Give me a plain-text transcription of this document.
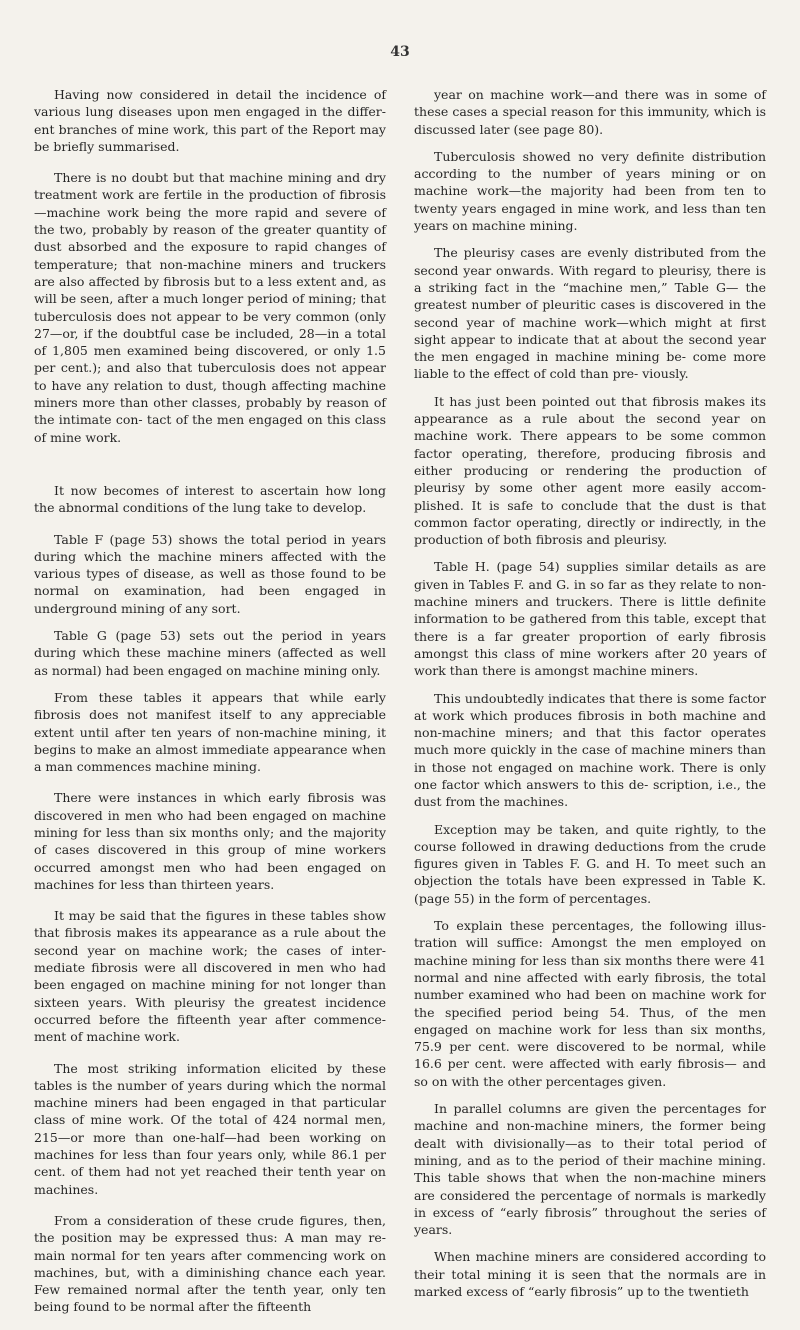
43

Having now considered in detail the incidence of various lung diseases upon men engaged in the differ- ent branches of mine work, this part of the Report may be briefly summarised.

There is no doubt but that machine mining and dry treatment work are fertile in the production of fibrosis—machine work being the more rapid and severe of the two, probably by reason of the greater quantity of dust absorbed and the exposure to rapid changes of temperature; that non-machine miners and truckers are also affected by fibrosis but to a less extent and, as will be seen, after a much longer period of mining; that tuberculosis does not appear to be very common (only 27—or, if the doubtful case be included, 28—in a total of 1,805 men examined being discovered, or only 1.5 per cent.); and also that tuberculosis does not appear to have any relation to dust, though affecting machine miners more than other classes, probably by reason of the intimate con- tact of the men engaged on this class of mine work.

It now becomes of interest to ascertain how long the abnormal conditions of the lung take to develop.

Table F (page 53) shows the total period in years during which the machine miners affected with the various types of disease, as well as those found to be normal on examination, had been engaged in underground mining of any sort.

Table G (page 53) sets out the period in years during which these machine miners (affected as well as normal) had been engaged on machine mining only.

From these tables it appears that while early fibrosis does not manifest itself to any appreciable extent until after ten years of non-machine mining, it begins to make an almost immediate appearance when a man commences machine mining.

There were instances in which early fibrosis was discovered in men who had been engaged on machine mining for less than six months only; and the majority of cases discovered in this group of mine workers occurred amongst men who had been engaged on machines for less than thirteen years.

It may be said that the figures in these tables show that fibrosis makes its appearance as a rule about the second year on machine work; the cases of inter- mediate fibrosis were all discovered in men who had been engaged on machine mining for not longer than sixteen years. With pleurisy the greatest incidence occurred before the fifteenth year after commence- ment of machine work.

The most striking information elicited by these tables is the number of years during which the normal machine miners had been engaged in that particular class of mine work. Of the total of 424 normal men, 215—or more than one-half—had been working on machines for less than four years only, while 86.1 per cent. of them had not yet reached their tenth year on machines.

From a consideration of these crude figures, then, the position may be expressed thus: A man may re- main normal for ten years after commencing work on machines, but, with a diminishing chance each year. Few remained normal after the tenth year, only ten being found to be normal after the fifteenth

year on machine work—and there was in some of these cases a special reason for this immunity, which is discussed later (see page 80).

Tuberculosis showed no very definite distribution according to the number of years mining or on machine work—the majority had been from ten to twenty years engaged in mine work, and less than ten years on machine mining.

The pleurisy cases are evenly distributed from the second year onwards. With regard to pleurisy, there is a striking fact in the “machine men,” Table G— the greatest number of pleuritic cases is discovered in the second year of machine work—which might at first sight appear to indicate that at about the second year the men engaged in machine mining be- come more liable to the effect of cold than pre- viously.

It has just been pointed out that fibrosis makes its appearance as a rule about the second year on machine work. There appears to be some common factor operating, therefore, producing fibrosis and either producing or rendering the production of pleurisy by some other agent more easily accom- plished. It is safe to conclude that the dust is that common factor operating, directly or indirectly, in the production of both fibrosis and pleurisy.

Table H. (page 54) supplies similar details as are given in Tables F. and G. in so far as they relate to non-machine miners and truckers. There is little definite information to be gathered from this table, except that there is a far greater proportion of early fibrosis amongst this class of mine workers after 20 years of work than there is amongst machine miners.

This undoubtedly indicates that there is some factor at work which produces fibrosis in both machine and non-machine miners; and that this factor operates much more quickly in the case of machine miners than in those not engaged on machine work. There is only one factor which answers to this de- scription, i.e., the dust from the machines.

Exception may be taken, and quite rightly, to the course followed in drawing deductions from the crude figures given in Tables F. G. and H. To meet such an objection the totals have been expressed in Table K. (page 55) in the form of percentages.

To explain these percentages, the following illus- tration will suffice: Amongst the men employed on machine mining for less than six months there were 41 normal and nine affected with early fibrosis, the total number examined who had been on machine work for the specified period being 54. Thus, of the men engaged on machine work for less than six months, 75.9 per cent. were discovered to be normal, while 16.6 per cent. were affected with early fibrosis— and so on with the other percentages given.

In parallel columns are given the percentages for machine and non-machine miners, the former being dealt with divisionally—as to their total period of mining, and as to the period of their machine mining. This table shows that when the non-machine miners are considered the percentage of normals is markedly in excess of “early fibrosis” throughout the series of years.

When machine miners are considered according to their total mining it is seen that the normals are in marked excess of “early fibrosis” up to the twentieth
